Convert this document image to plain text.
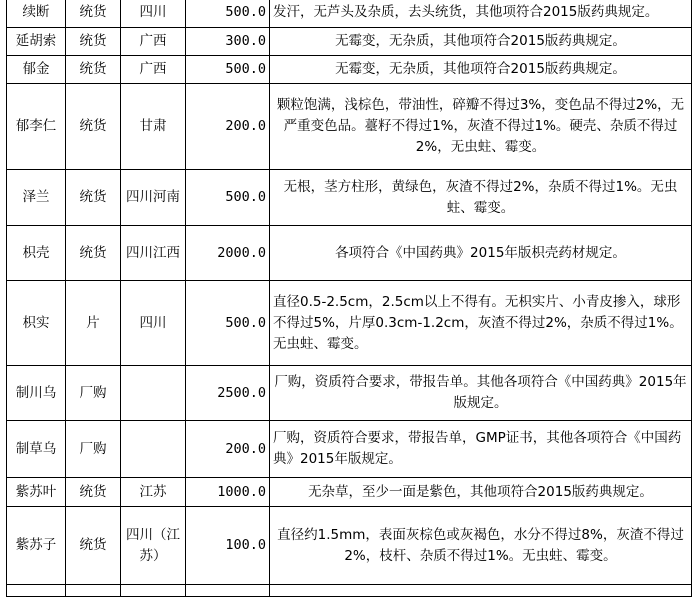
续断	统货	四川	500.0	发汗，无芦头及杂质，去头统货，其他项符合2015版药典规定。
延胡索	统货	广西	300.0	无霉变，无杂质，其他项符合2015版药典规定。
郁金	统货	广西	500.0	无霉变，无杂质，其他项符合2015版药典规定。
郁李仁	统货	甘肃	200.0	颗粒饱满，浅棕色，带油性，碎瓣不得过3%，变色品不得过2%，无严重变色品。薹籽不得过1%，灰渣不得过1%。硬壳、杂质不得过2%，无虫蛀、霉变。
泽兰	统货	四川河南	500.0	无根，茎方柱形，黄绿色，灰渣不得过2%，杂质不得过1%。无虫蛀、霉变。
枳壳	统货	四川江西	2000.0	各项符合《中国药典》2015年版枳壳药材规定。
枳实	片	四川	500.0	直径0.5-2.5cm，2.5cm以上不得有。无枳实片、小青皮掺入，球形不得过5%，片厚0.3cm-1.2cm，灰渣不得过2%，杂质不得过1%。无虫蛀、霉变。
制川乌	厂购		2500.0	厂购，资质符合要求，带报告单。其他各项符合《中国药典》2015年版规定。
制草乌	厂购		200.0	厂购，资质符合要求，带报告单，GMP证书，其他各项符合《中国药典》2015年版规定。
紫苏叶	统货	江苏	1000.0	无杂草，至少一面是紫色，其他项符合2015版药典规定。
紫苏子	统货	四川（江苏）	100.0	直径约1.5mm，表面灰棕色或灰褐色，水分不得过8%，灰渣不得过2%，枝杆、杂质不得过1%。无虫蛀、霉变。
